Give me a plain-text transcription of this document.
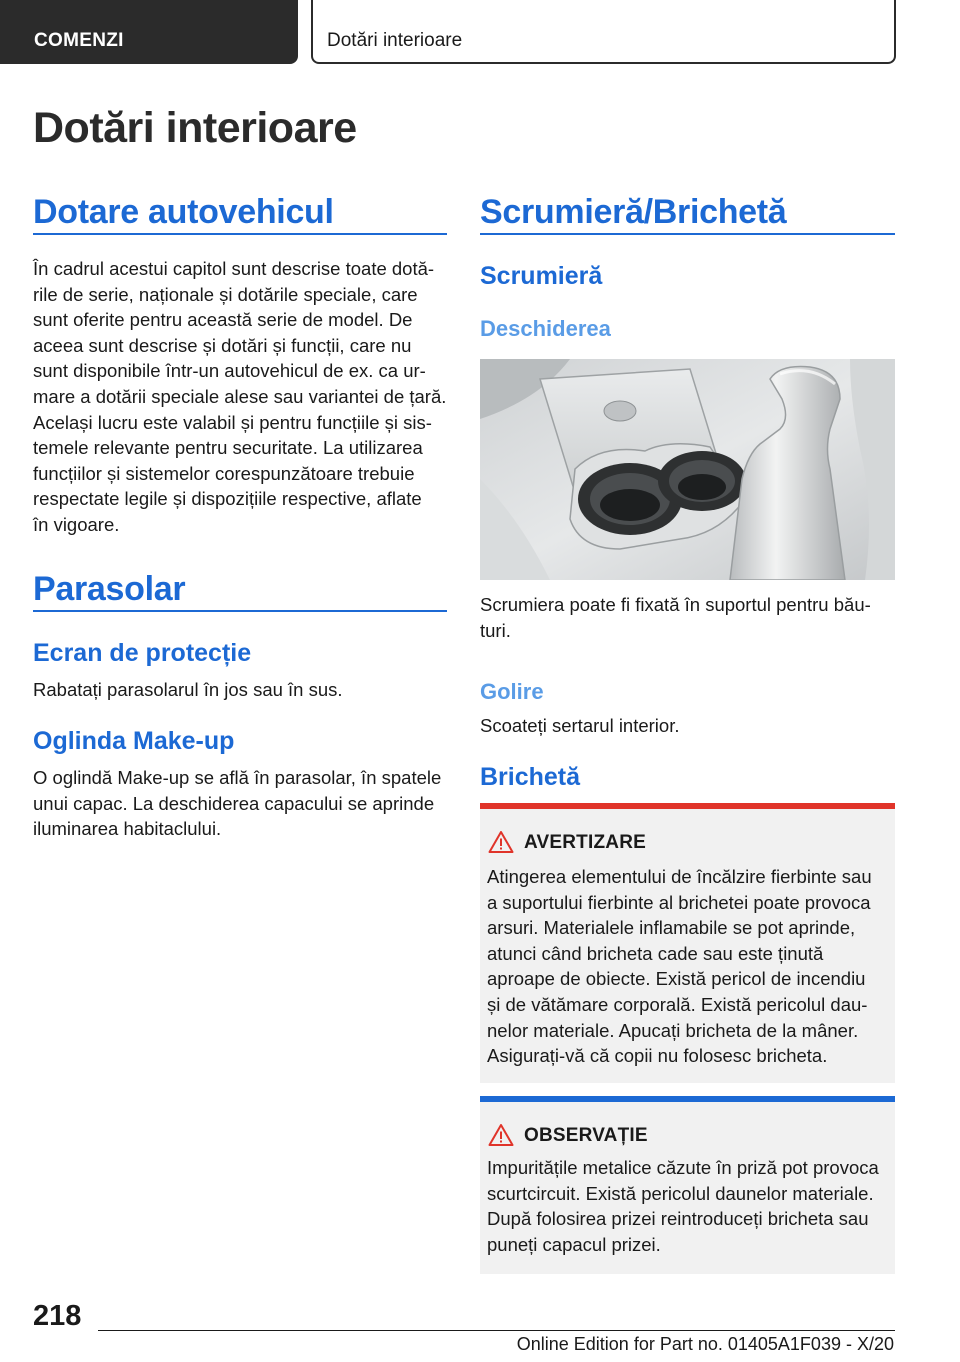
COMENZI	Dotări interioare
Dotări interioare
Dotare autovehicul
În cadrul acestui capitol sunt descrise toate dotă-
rile de serie, naționale și dotările speciale, care
sunt oferite pentru această serie de model. De
aceea sunt descrise și dotări și funcții, care nu
sunt disponibile într-un autovehicul de ex. ca ur-
mare a dotării speciale alese sau variantei de țară.
Același lucru este valabil și pentru funcțiile și sis-
temele relevante pentru securitate. La utilizarea
funcțiilor și sistemelor corespunzătoare trebuie
respectate legile și dispozițiile respective, aflate
în vigoare.
Parasolar
Ecran de protecție
Rabatați parasolarul în jos sau în sus.
Oglinda Make-up
O oglindă Make-up se află în parasolar, în spatele
unui capac. La deschiderea capacului se aprinde
iluminarea habitaclului.
Scrumieră/Brichetă
Scrumieră
Deschiderea
Scrumiera poate fi fixată în suportul pentru bău-
turi.
Golire
Scoateți sertarul interior.
Brichetă
AVERTIZARE
Atingerea elementului de încălzire fierbinte sau
a suportului fierbinte al brichetei poate provoca
arsuri. Materialele inflamabile se pot aprinde,
atunci când bricheta cade sau este ținută
aproape de obiecte. Există pericol de incendiu
și de vătămare corporală. Există pericolul dau-
nelor materiale. Apucați bricheta de la mâner.
Asigurați-vă că copii nu folosesc bricheta.
OBSERVAȚIE
Impuritățile metalice căzute în priză pot provoca
scurtcircuit. Există pericolul daunelor materiale.
După folosirea prizei reintroduceți bricheta sau
puneți capacul prizei.
218
Online Edition for Part no. 01405A1F039 - X/20
